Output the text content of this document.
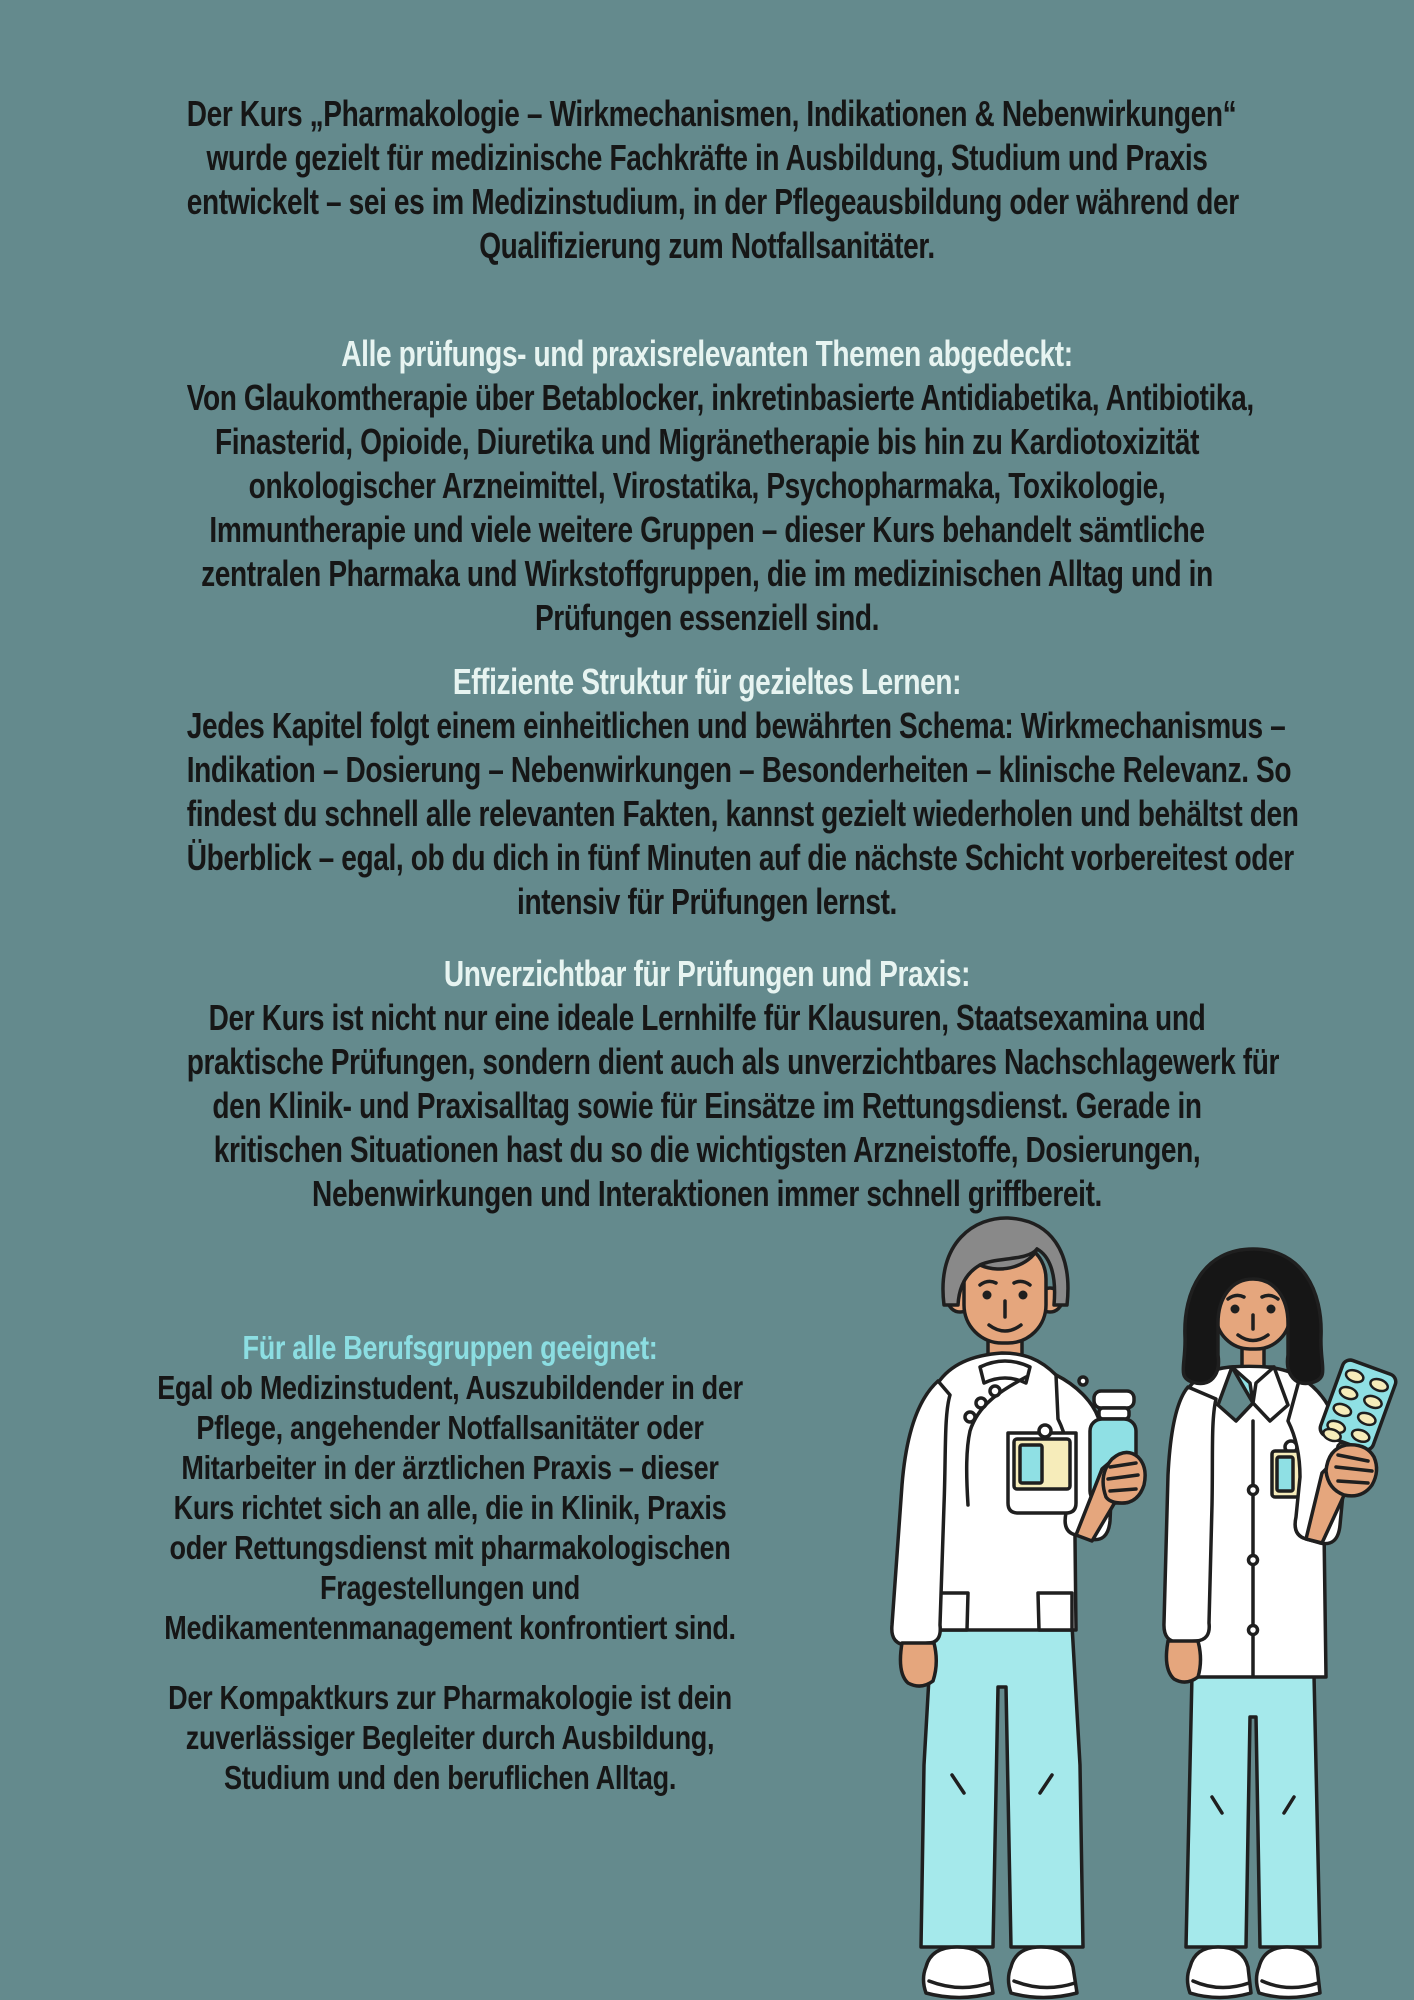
Der Kurs „Pharmakologie – Wirkmechanismen, Indikationen & Nebenwirkungen“
wurde gezielt für medizinische Fachkräfte in Ausbildung, Studium und Praxis
entwickelt – sei es im Medizinstudium, in der Pflegeausbildung oder während der
Qualifizierung zum Notfallsanitäter.
Alle prüfungs- und praxisrelevanten Themen abgedeckt:
Von Glaukomtherapie über Betablocker, inkretinbasierte Antidiabetika, Antibiotika,
Finasterid, Opioide, Diuretika und Migränetherapie bis hin zu Kardiotoxizität
onkologischer Arzneimittel, Virostatika, Psychopharmaka, Toxikologie,
Immuntherapie und viele weitere Gruppen – dieser Kurs behandelt sämtliche
zentralen Pharmaka und Wirkstoffgruppen, die im medizinischen Alltag und in
Prüfungen essenziell sind.
Effiziente Struktur für gezieltes Lernen:
Jedes Kapitel folgt einem einheitlichen und bewährten Schema: Wirkmechanismus –
Indikation – Dosierung – Nebenwirkungen – Besonderheiten – klinische Relevanz. So
findest du schnell alle relevanten Fakten, kannst gezielt wiederholen und behältst den
Überblick – egal, ob du dich in fünf Minuten auf die nächste Schicht vorbereitest oder
intensiv für Prüfungen lernst.
Unverzichtbar für Prüfungen und Praxis:
Der Kurs ist nicht nur eine ideale Lernhilfe für Klausuren, Staatsexamina und
praktische Prüfungen, sondern dient auch als unverzichtbares Nachschlagewerk für
den Klinik- und Praxisalltag sowie für Einsätze im Rettungsdienst. Gerade in
kritischen Situationen hast du so die wichtigsten Arzneistoffe, Dosierungen,
Nebenwirkungen und Interaktionen immer schnell griffbereit.
Für alle Berufsgruppen geeignet:
Egal ob Medizinstudent, Auszubildender in der
Pflege, angehender Notfallsanitäter oder
Mitarbeiter in der ärztlichen Praxis – dieser
Kurs richtet sich an alle, die in Klinik, Praxis
oder Rettungsdienst mit pharmakologischen
Fragestellungen und
Medikamentenmanagement konfrontiert sind.
Der Kompaktkurs zur Pharmakologie ist dein
zuverlässiger Begleiter durch Ausbildung,
Studium und den beruflichen Alltag.
